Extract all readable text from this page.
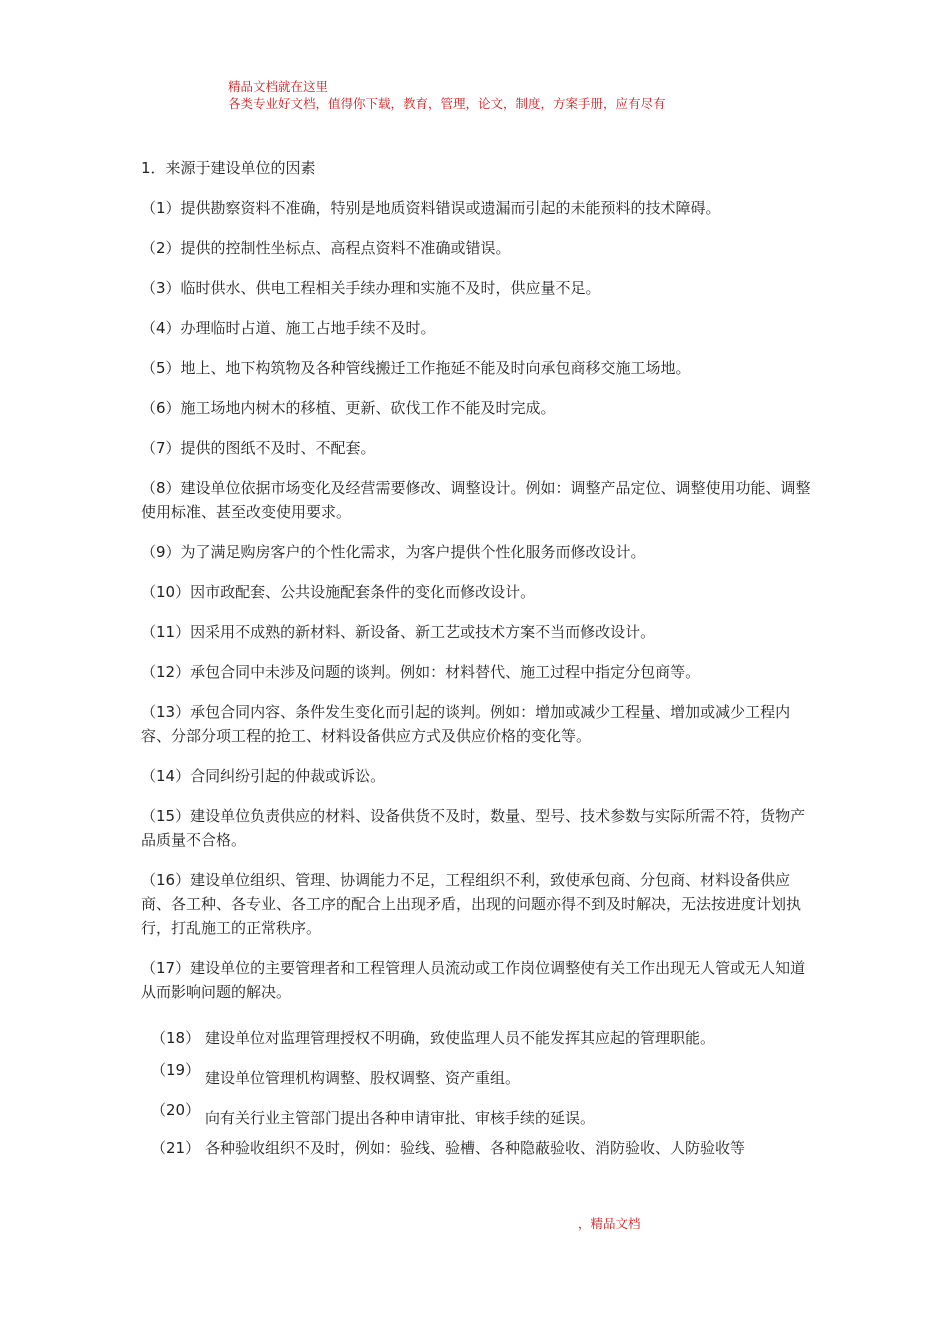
精品文档就在这里
各类专业好文档，值得你下载，教育，管理，论文，制度，方案手册，应有尽有

1．来源于建设单位的因素

（1）提供勘察资料不准确，特别是地质资料错误或遗漏而引起的未能预料的技术障碍。

（2）提供的控制性坐标点、高程点资料不准确或错误。

（3）临时供水、供电工程相关手续办理和实施不及时，供应量不足。

（4）办理临时占道、施工占地手续不及时。

（5）地上、地下构筑物及各种管线搬迁工作拖延不能及时向承包商移交施工场地。

（6）施工场地内树木的移植、更新、砍伐工作不能及时完成。

（7）提供的图纸不及时、不配套。

（8）建设单位依据市场变化及经营需要修改、调整设计。例如：调整产品定位、调整使用功能、调整使用标准、甚至改变使用要求。

（9）为了满足购房客户的个性化需求，为客户提供个性化服务而修改设计。

（10）因市政配套、公共设施配套条件的变化而修改设计。

（11）因采用不成熟的新材料、新设备、新工艺或技术方案不当而修改设计。

（12）承包合同中未涉及问题的谈判。例如：材料替代、施工过程中指定分包商等。

（13）承包合同内容、条件发生变化而引起的谈判。例如：增加或减少工程量、增加或减少工程内容、分部分项工程的抢工、材料设备供应方式及供应价格的变化等。

（14）合同纠纷引起的仲裁或诉讼。

（15）建设单位负责供应的材料、设备供货不及时，数量、型号、技术参数与实际所需不符，货物产品质量不合格。

（16）建设单位组织、管理、协调能力不足，工程组织不利，致使承包商、分包商、材料设备供应商、各工种、各专业、各工序的配合上出现矛盾，出现的问题亦得不到及时解决，无法按进度计划执行，打乱施工的正常秩序。

（17）建设单位的主要管理者和工程管理人员流动或工作岗位调整使有关工作出现无人管或无人知道从而影响问题的解决。

（18） 建设单位对监理管理授权不明确，致使监理人员不能发挥其应起的管理职能。
（19） 建设单位管理机构调整、股权调整、资产重组。
（20） 向有关行业主管部门提出各种申请审批、审核手续的延误。
（21） 各种验收组织不及时，例如：验线、验槽、各种隐蔽验收、消防验收、人防验收等
，精品文档
